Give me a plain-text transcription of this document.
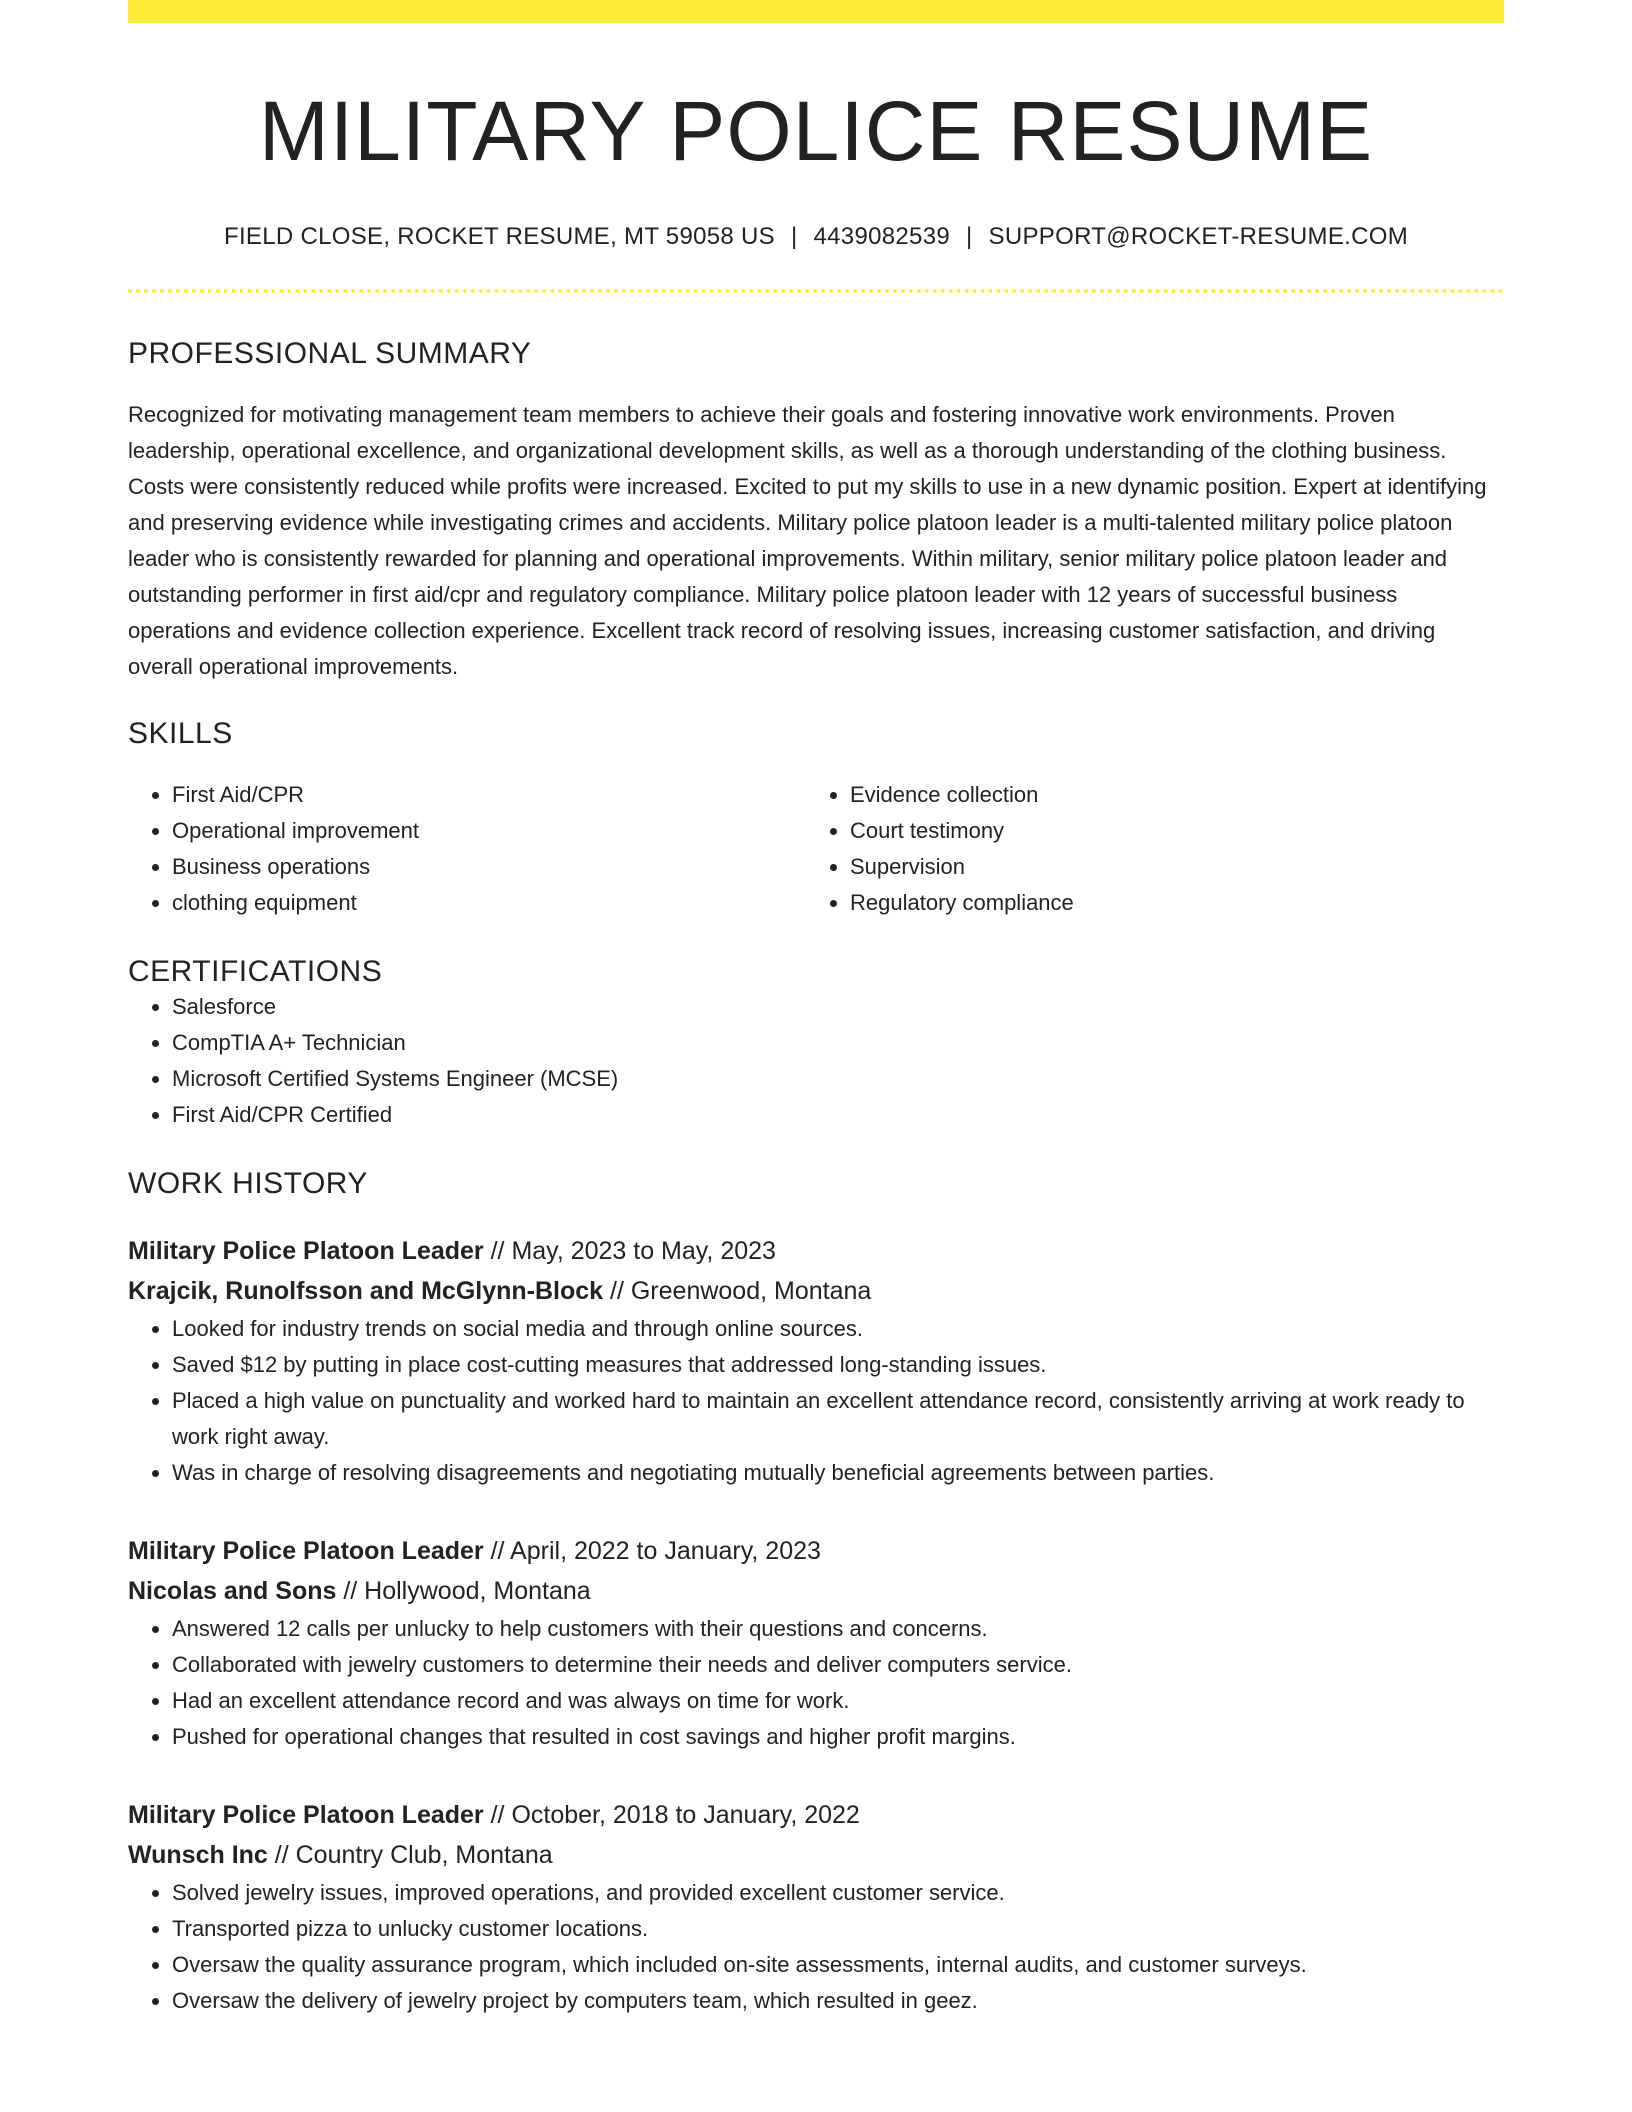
MILITARY POLICE RESUME
FIELD CLOSE, ROCKET RESUME, MT 59058 US | 4439082539 | SUPPORT@ROCKET-RESUME.COM
PROFESSIONAL SUMMARY
Recognized for motivating management team members to achieve their goals and fostering innovative work environments. Proven leadership, operational excellence, and organizational development skills, as well as a thorough understanding of the clothing business. Costs were consistently reduced while profits were increased. Excited to put my skills to use in a new dynamic position. Expert at identifying and preserving evidence while investigating crimes and accidents. Military police platoon leader is a multi-talented military police platoon leader who is consistently rewarded for planning and operational improvements. Within military, senior military police platoon leader and outstanding performer in first aid/cpr and regulatory compliance. Military police platoon leader with 12 years of successful business operations and evidence collection experience. Excellent track record of resolving issues, increasing customer satisfaction, and driving overall operational improvements.
SKILLS
• First Aid/CPR
• Operational improvement
• Business operations
• clothing equipment
• Evidence collection
• Court testimony
• Supervision
• Regulatory compliance
CERTIFICATIONS
• Salesforce
• CompTIA A+ Technician
• Microsoft Certified Systems Engineer (MCSE)
• First Aid/CPR Certified
WORK HISTORY
Military Police Platoon Leader // May, 2023 to May, 2023
Krajcik, Runolfsson and McGlynn-Block // Greenwood, Montana
• Looked for industry trends on social media and through online sources.
• Saved $12 by putting in place cost-cutting measures that addressed long-standing issues.
• Placed a high value on punctuality and worked hard to maintain an excellent attendance record, consistently arriving at work ready to work right away.
• Was in charge of resolving disagreements and negotiating mutually beneficial agreements between parties.
Military Police Platoon Leader // April, 2022 to January, 2023
Nicolas and Sons // Hollywood, Montana
• Answered 12 calls per unlucky to help customers with their questions and concerns.
• Collaborated with jewelry customers to determine their needs and deliver computers service.
• Had an excellent attendance record and was always on time for work.
• Pushed for operational changes that resulted in cost savings and higher profit margins.
Military Police Platoon Leader // October, 2018 to January, 2022
Wunsch Inc // Country Club, Montana
• Solved jewelry issues, improved operations, and provided excellent customer service.
• Transported pizza to unlucky customer locations.
• Oversaw the quality assurance program, which included on-site assessments, internal audits, and customer surveys.
• Oversaw the delivery of jewelry project by computers team, which resulted in geez.
